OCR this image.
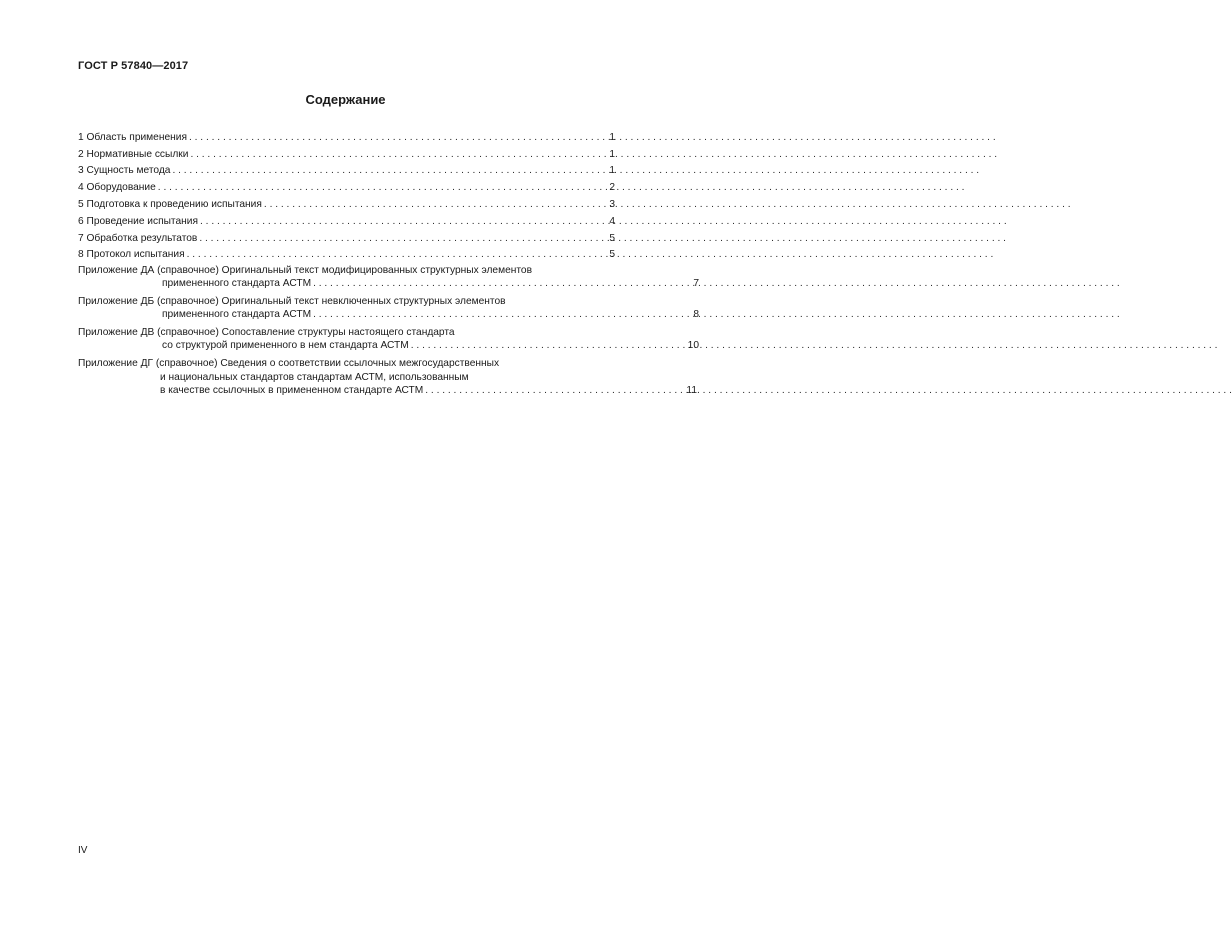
ГОСТ Р 57840—2017
Содержание
1 Область применения . . .	1
2 Нормативные ссылки . . .	1
3 Сущность метода . . .	1
4 Оборудование . . .	2
5 Подготовка к проведению испытания . . .	3
6 Проведение испытания . . .	4
7 Обработка результатов . . .	5
8 Протокол испытания . . .	5
Приложение ДА (справочное) Оригинальный текст модифицированных структурных элементов
примененного стандарта АСТМ . . .	7
Приложение ДБ (справочное) Оригинальный текст невключенных структурных элементов
примененного стандарта АСТМ . . .	8
Приложение ДВ (справочное) Сопоставление структуры настоящего стандарта
со структурой примененного в нем стандарта АСТМ . . .	10
Приложение ДГ (справочное) Сведения о соответствии ссылочных межгосударственных
и национальных стандартов стандартам АСТМ, использованным
в качестве ссылочных в примененном стандарте АСТМ . . .	11
IV
